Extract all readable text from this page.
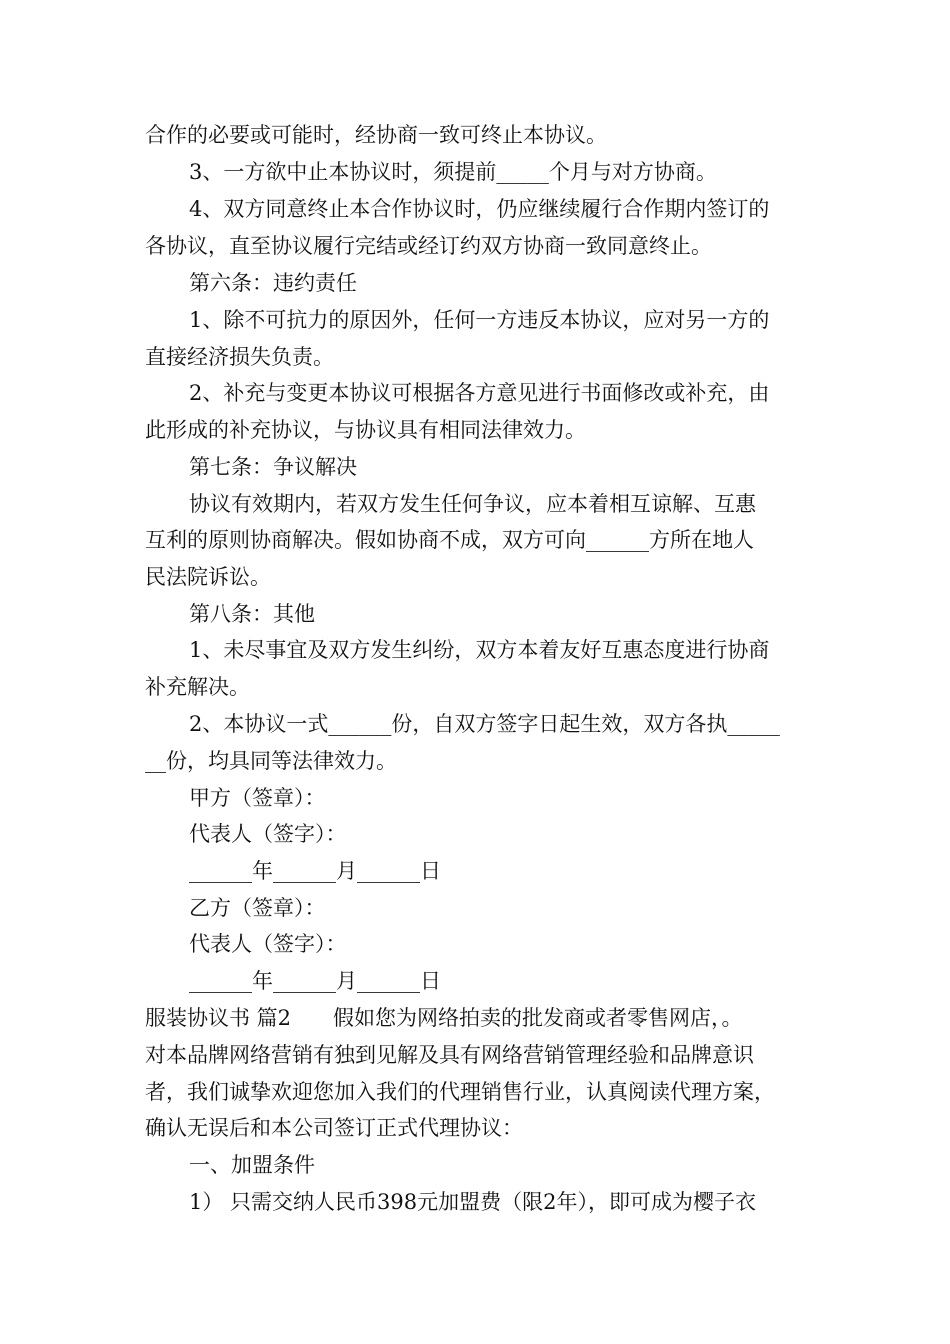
合作的必要或可能时，经协商一致可终止本协议。
3、一方欲中止本协议时，须提前_____个月与对方协商。
4、双方同意终止本合作协议时，仍应继续履行合作期内签订的
各协议，直至协议履行完结或经订约双方协商一致同意终止。
第六条：违约责任
1、除不可抗力的原因外，任何一方违反本协议，应对另一方的
直接经济损失负责。
2、补充与变更本协议可根据各方意见进行书面修改或补充，由
此形成的补充协议，与协议具有相同法律效力。
第七条：争议解决
协议有效期内，若双方发生任何争议，应本着相互谅解、互惠
互利的原则协商解决。假如协商不成，双方可向______方所在地人
民法院诉讼。
第八条：其他
1、未尽事宜及双方发生纠纷，双方本着友好互惠态度进行协商
补充解决。
2、本协议一式______份，自双方签字日起生效，双方各执_____
__份，均具同等法律效力。
甲方（签章）：
代表人（签字）：
______年______月______日
乙方（签章）：
代表人（签字）：
______年______月______日
服装协议书 篇2　　假如您为网络拍卖的批发商或者零售网店，。
对本品牌网络营销有独到见解及具有网络营销管理经验和品牌意识
者，我们诚挚欢迎您加入我们的代理销售行业，认真阅读代理方案，
确认无误后和本公司签订正式代理协议：
一、加盟条件
1） 只需交纳人民币398元加盟费（限2年），即可成为樱子衣
